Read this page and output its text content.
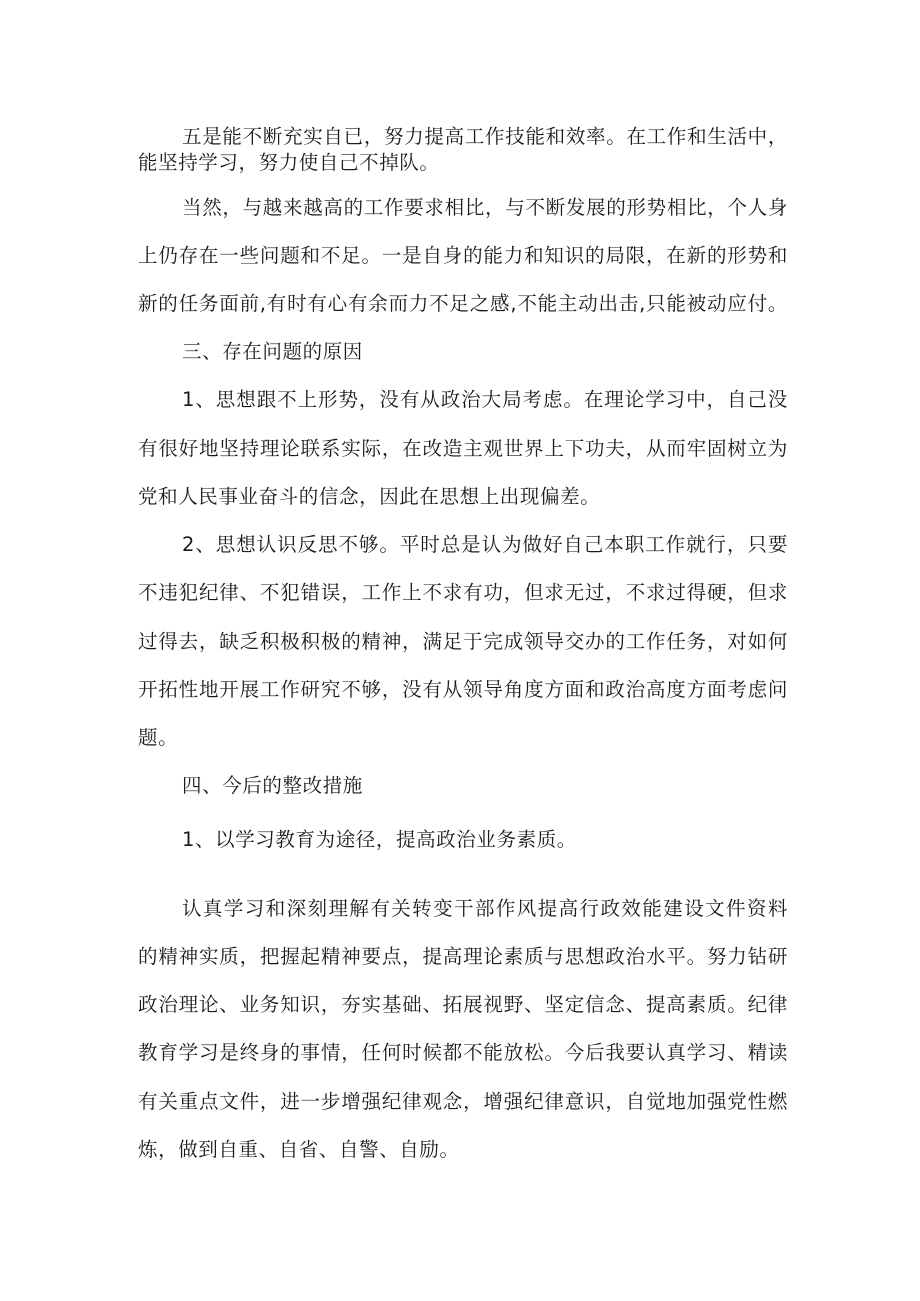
五是能不断充实自已，努力提高工作技能和效率。在工作和生活中，
能坚持学习，努力使自己不掉队。
当然，与越来越高的工作要求相比，与不断发展的形势相比，个人身
上仍存在一些问题和不足。一是自身的能力和知识的局限，在新的形势和
新的任务面前,有时有心有余而力不足之感,不能主动出击,只能被动应付。
三、存在问题的原因
1、思想跟不上形势，没有从政治大局考虑。在理论学习中，自己没
有很好地坚持理论联系实际，在改造主观世界上下功夫，从而牢固树立为
党和人民事业奋斗的信念，因此在思想上出现偏差。
2、思想认识反思不够。平时总是认为做好自己本职工作就行，只要
不违犯纪律、不犯错误，工作上不求有功，但求无过，不求过得硬，但求
过得去，缺乏积极积极的精神，满足于完成领导交办的工作任务，对如何
开拓性地开展工作研究不够，没有从领导角度方面和政治高度方面考虑问
题。
四、今后的整改措施
1、以学习教育为途径，提高政治业务素质。
认真学习和深刻理解有关转变干部作风提高行政效能建设文件资料
的精神实质，把握起精神要点，提高理论素质与思想政治水平。努力钻研
政治理论、业务知识，夯实基础、拓展视野、坚定信念、提高素质。纪律
教育学习是终身的事情，任何时候都不能放松。今后我要认真学习、精读
有关重点文件，进一步增强纪律观念，增强纪律意识，自觉地加强党性燃
炼，做到自重、自省、自警、自励。
